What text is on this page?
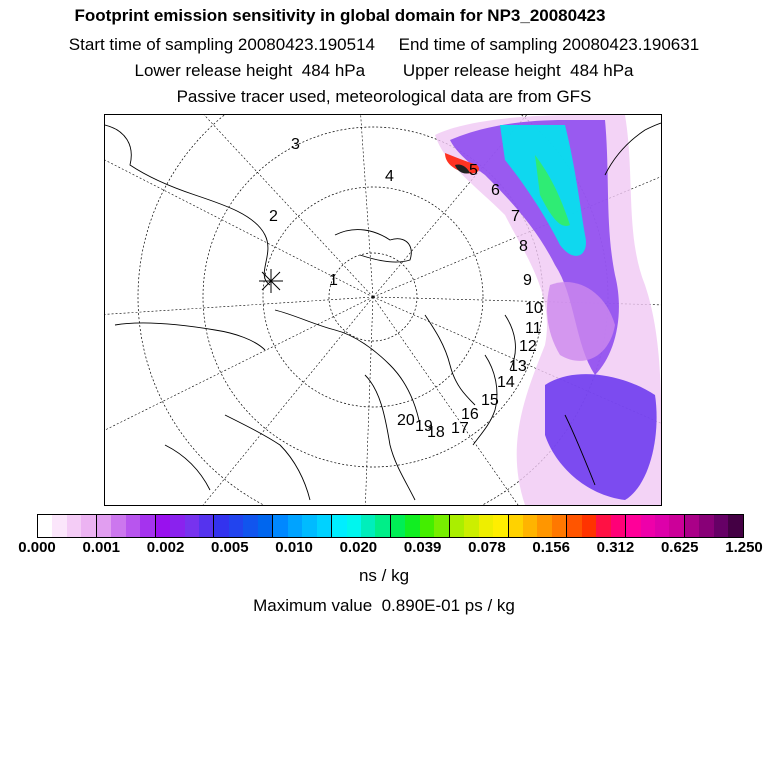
Footprint emission sensitivity in global domain for NP3_20080423
Start time of sampling 20080423.190514     End time of sampling 20080423.190631
Lower release height  484 hPa        Upper release height  484 hPa
Passive tracer used, meteorological data are from GFS
1
2
3
4	5
6
7
8
9
10
11
12
13
14
15
16
17
18
19
20
0.000 0.001 0.002 0.005 0.010 0.020 0.039 0.078 0.156 0.312 0.625 1.250
ns / kg
Maximum value  0.890E-01 ps / kg
